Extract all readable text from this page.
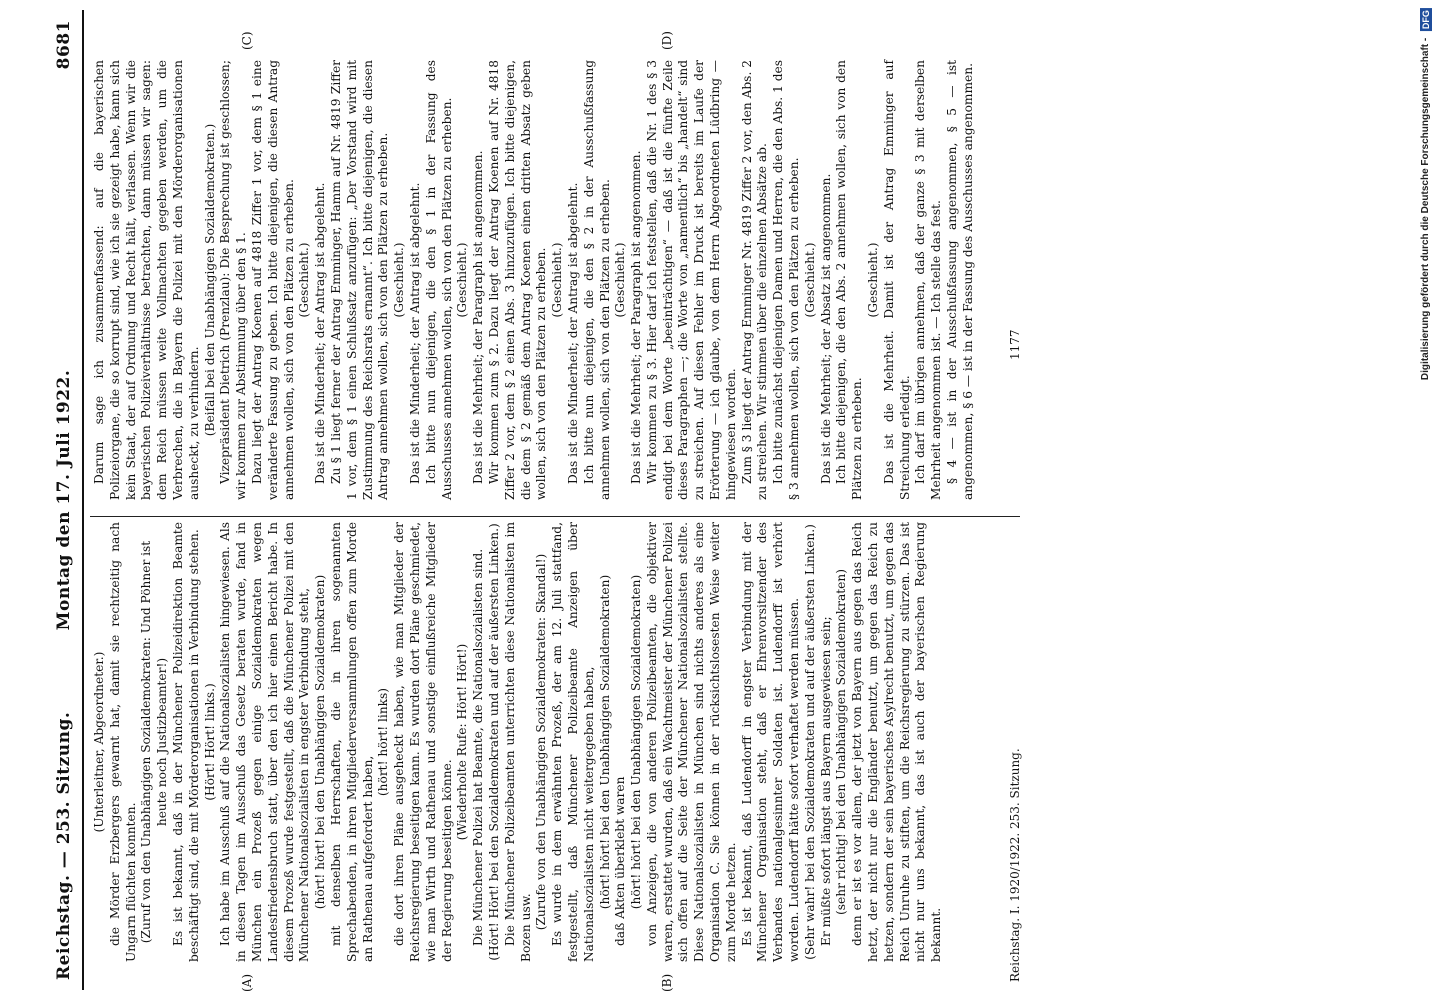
Reichstag. — 253. Sitzung.
Montag den 17. Juli 1922.
8681
(A)	(B)
(C)	(D)

(Unterleitner, Abgeordneter.) die Mörder Erzbergers gewarnt hat, damit sie rechtzeitig nach Ungarn flüchten konnten. (Zuruf von den Unabhängigen Sozialdemokraten: Und Pöhner ist heute noch Justizbeamter!) Es ist bekannt, daß in der Münchener Polizeidirektion Beamte beschäftigt sind, die mit Mörderorganisationen in Verbindung stehen. (Hört! Hört! links.) Ich habe im Ausschuß auf die Nationalsozialisten hingewiesen. Als in diesen Tagen im Ausschuß das Gesetz beraten wurde, fand in München ein Prozeß gegen einige Sozialdemokraten wegen Landesfriedensbruch statt, über den ich hier einen Bericht habe. In diesem Prozeß wurde festgestellt, daß die Münchener Polizei mit den Münchener Nationalsozialisten in engster Verbindung steht, (hört! hört! bei den Unabhängigen Sozialdemokraten) mit denselben Herrschaften, die in ihren sogenannten Sprechabenden, in ihren Mitgliederversammlungen offen zum Morde an Rathenau aufgefordert haben,

(hört! hört! links) die dort ihren Pläne ausgeheckt haben, wie man Mitglieder der Reichsregierung beseitigen kann. Es wurden dort Pläne geschmiedet, wie man Wirth und Rathenau und sonstige einflußreiche Mitglieder der Regierung beseitigen könne.

(Wiederholte Rufe: Hört! Hört!) Die Münchener Polizei hat Beamte, die Nationalsozialisten sind. (Hört! Hört! bei den Sozialdemokraten und auf der äußersten Linken.) Die Münchener Polizeibeamten unterrichten diese Nationalisten im Bozen usw. (Zurufe von den Unabhängigen Sozialdemokraten: Skandal!) Es wurde in dem erwähnten Prozeß, der am 12. Juli stattfand, festgestellt, daß Münchener Polizeibeamte Anzeigen über Nationalsozialisten nicht weitergegeben haben, (hört! hört! bei den Unabhängigen Sozialdemokraten) daß Akten überklebt waren (hört! hört! bei den Unabhängigen Sozialdemokraten) von Anzeigen, die von anderen Polizeibeamten, die objektiver waren, erstattet wurden, daß ein Wachtmeister der Münchener Polizei sich offen auf die Seite der Münchener Nationalsozialisten stellte. Diese Nationalsozialisten in München sind nichts anderes als eine Organisation C. Sie können in der rücksichtslosesten Weise weiter zum Morde hetzen. Es ist bekannt, daß Ludendorff in engster Verbindung mit der Münchener Organisation steht, daß er Ehrenvorsitzender des Verbandes nationalgesinnter Soldaten ist. Ludendorff ist verhört worden. Ludendorff hätte sofort verhaftet werden müssen. (Sehr wahr! bei den Sozialdemokraten und auf der äußersten Linken.) Er müßte sofort längst aus Bayern ausgewiesen sein; (sehr richtig! bei den Unabhängigen Sozialdemokraten) denn er ist es vor allem, der jetzt von Bayern aus gegen das Reich hetzt, der nicht nur die Engländer benutzt, um gegen das Reich zu hetzen, sondern der sein bayerisches Asylrecht benutzt, um gegen das Reich Unruhe zu stiften, um die Reichsregierung zu stürzen. Das ist nicht nur uns bekannt, das ist auch der bayerischen Regierung bekannt.

Darum sage ich zusammenfassend: auf die bayerischen Polizeiorgane, die so korrupt sind, wie ich sie gezeigt habe, kann sich kein Staat, der auf Ordnung und Recht hält, verlassen. Wenn wir die bayerischen Polizeiverhältnisse betrachten, dann müssen wir sagen: dem Reich müssen weite Vollmachten gegeben werden, um die Verbrechen, die in Bayern die Polizei mit den Mörderorganisationen ausheckt, zu verhindern. (Beifall bei den Unabhängigen Sozialdemokraten.) Vizepräsident Dietrich (Prenzlau): Die Besprechung ist geschlossen; wir kommen zur Abstimmung über den § 1. Dazu liegt der Antrag Koenen auf 4818 Ziffer 1 vor, dem § 1 eine veränderte Fassung zu geben. Ich bitte diejenigen, die diesen Antrag annehmen wollen, sich von den Plätzen zu erheben. (Geschieht.) Das ist die Minderheit; der Antrag ist abgelehnt. Zu § 1 liegt ferner der Antrag Emminger, Hamm auf Nr. 4819 Ziffer 1 vor, dem § 1 einen Schlußsatz anzufügen: „Der Vorstand wird mit Zustimmung des Reichsrats ernannt“. Ich bitte diejenigen, die diesen Antrag annehmen wollen, sich von den Plätzen zu erheben. (Geschieht.) Das ist die Minderheit; der Antrag ist abgelehnt. Ich bitte nun diejenigen, die den § 1 in der Fassung des Ausschusses annehmen wollen, sich von den Plätzen zu erheben. (Geschieht.) Das ist die Mehrheit; der Paragraph ist angenommen. Wir kommen zum § 2. Dazu liegt der Antrag Koenen auf Nr. 4818 Ziffer 2 vor, dem § 2 einen Abs. 3 hinzuzufügen. Ich bitte diejenigen, die dem § 2 gemäß dem Antrag Koenen einen dritten Absatz geben wollen, sich von den Plätzen zu erheben. (Geschieht.) Das ist die Minderheit; der Antrag ist abgelehnt. Ich bitte nun diejenigen, die den § 2 in der Ausschußfassung annehmen wollen, sich von den Plätzen zu erheben. (Geschieht.) Das ist die Mehrheit; der Paragraph ist angenommen. Wir kommen zu § 3. Hier darf ich feststellen, daß die Nr. 1 des § 3 endigt bei dem Worte „beeinträchtigen“ — daß ist die fünfte Zeile dieses Paragraphen —; die Worte von „namentlich“ bis „handelt“ sind zu streichen. Auf diesen Fehler im Druck ist bereits im Laufe der Erörterung — ich glaube, von dem Herrn Abgeordneten Lüdbring — hingewiesen worden. Zum § 3 liegt der Antrag Emminger Nr. 4819 Ziffer 2 vor, den Abs. 2 zu streichen. Wir stimmen über die einzelnen Absätze ab. Ich bitte zunächst diejenigen Damen und Herren, die den Abs. 1 des § 3 annehmen wollen, sich von den Plätzen zu erheben. (Geschieht.) Das ist die Mehrheit; der Absatz ist angenommen. Ich bitte diejenigen, die den Abs. 2 annehmen wollen, sich von den Plätzen zu erheben.

(Geschieht.) Das ist die Mehrheit. Damit ist der Antrag Emminger auf Streichung erledigt. Ich darf im übrigen annehmen, daß der ganze § 3 mit derselben Mehrheit angenommen ist. — Ich stelle das fest. § 4 — ist in der Ausschußfassung angenommen, § 5 — ist angenommen, § 6 — ist in der Fassung des Ausschusses angenommen.

Reichstag. I. 1920/1922. 253. Sitzung.
1177	Digitalisierung gefördert durch die Deutsche Forschungsgemeinschaft - DFG
